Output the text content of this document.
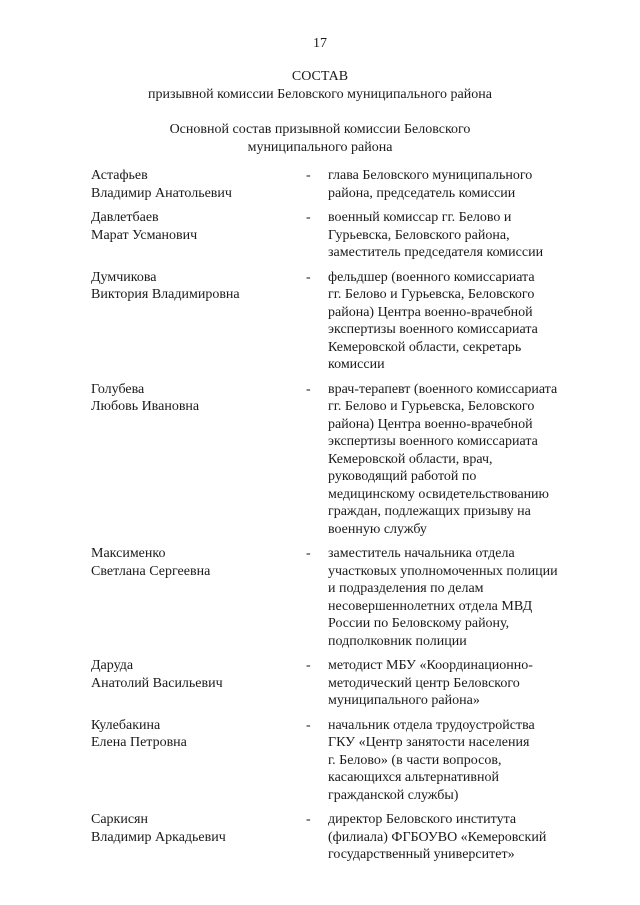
17
СОСТАВ
призывной комиссии Беловского муниципального района
Основной состав призывной комиссии Беловского
муниципального района
Астафьев
Владимир Анатольевич
-	глава Беловского муниципального
района, председатель комиссии
Давлетбаев
Марат Усманович
-	военный комиссар гг. Белово и
Гурьевска, Беловского района,
заместитель председателя комиссии
Думчикова
Виктория Владимировна
-	фельдшер (военного комиссариата
гг. Белово и Гурьевска, Беловского
района) Центра военно-врачебной
экспертизы военного комиссариата
Кемеровской области, секретарь
комиссии
Голубева
Любовь Ивановна
-	врач-терапевт (военного комиссариата
гг. Белово и Гурьевска, Беловского
района) Центра военно-врачебной
экспертизы военного комиссариата
Кемеровской области, врач,
руководящий работой по
медицинскому освидетельствованию
граждан, подлежащих призыву на
военную службу
Максименко
Светлана Сергеевна
-	заместитель начальника отдела
участковых уполномоченных полиции
и подразделения по делам
несовершеннолетних отдела МВД
России по Беловскому району,
подполковник полиции
Даруда
Анатолий Васильевич
-	методист МБУ «Координационно-
методический центр Беловского
муниципального района»
Кулебакина
Елена Петровна
-	начальник отдела трудоустройства
ГКУ «Центр занятости населения
г. Белово» (в части вопросов,
касающихся альтернативной
гражданской службы)
Саркисян
Владимир Аркадьевич
-	директор Беловского института
(филиала) ФГБОУВО «Кемеровский
государственный университет»
